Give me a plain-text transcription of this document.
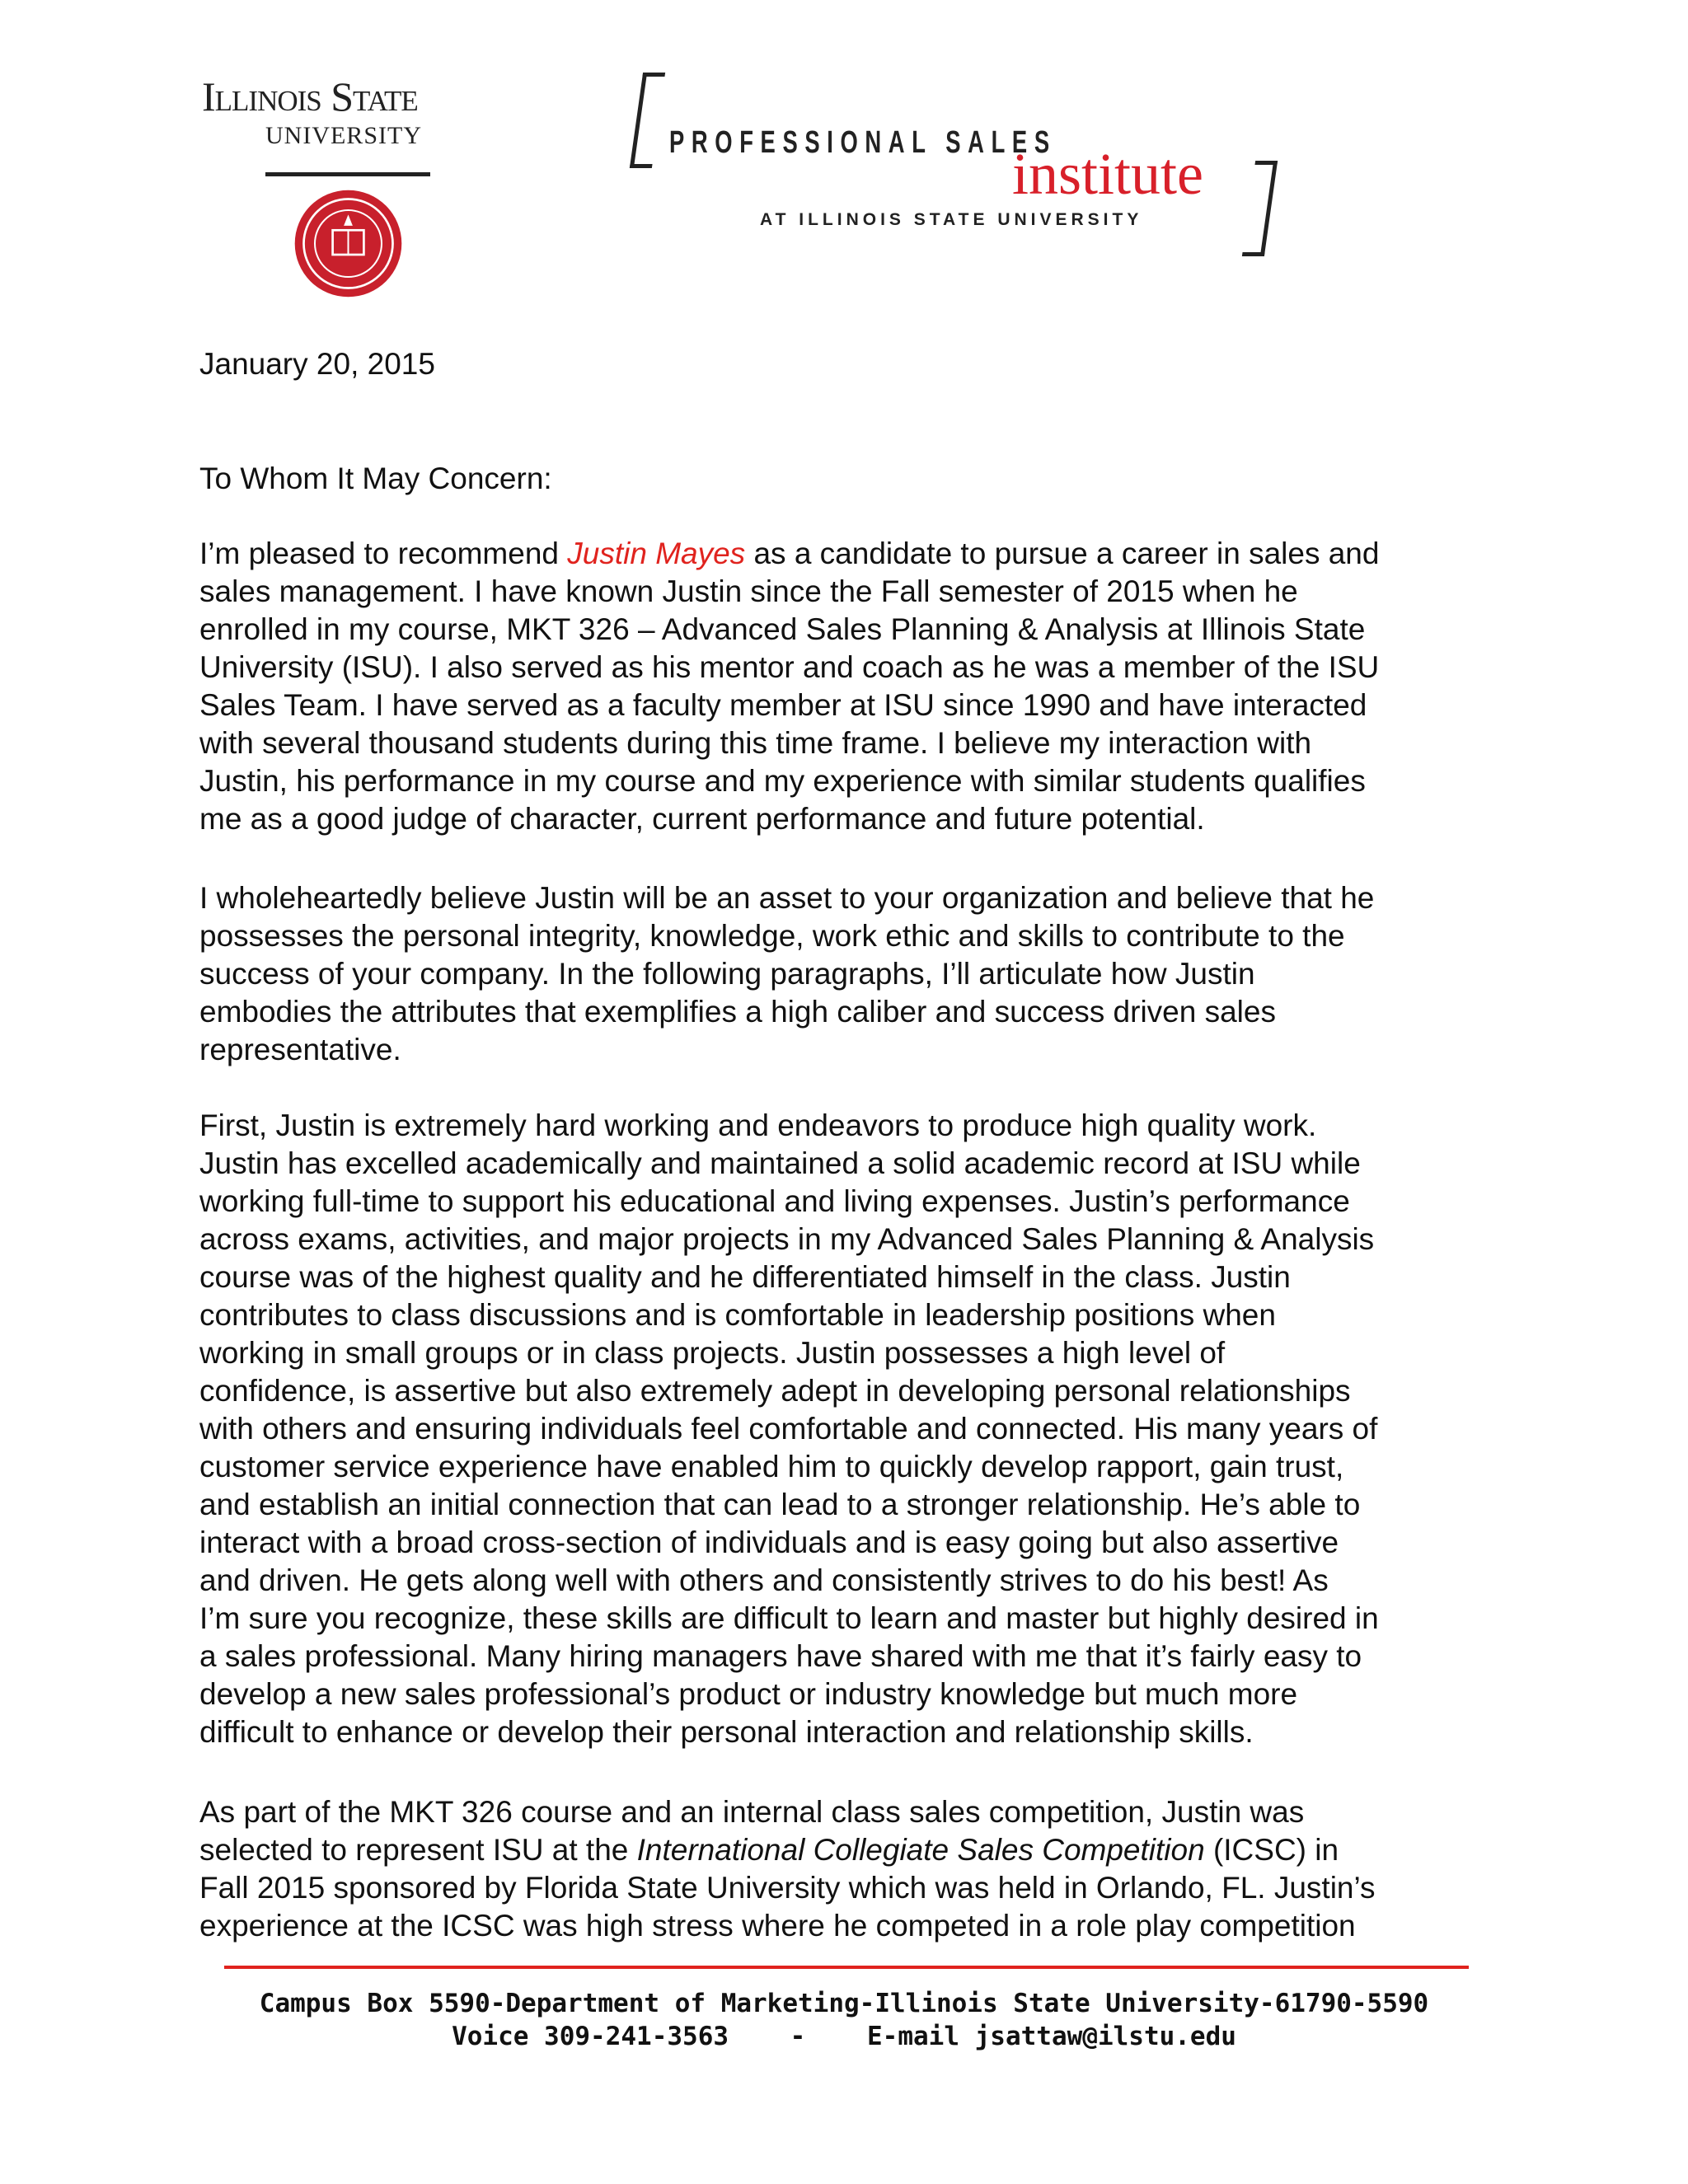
Illinois State
UNIVERSITY	PROFESSIONAL SALES
institute
AT ILLINOIS STATE UNIVERSITY
January 20, 2015
To Whom It May Concern:
I’m pleased to recommend Justin Mayes as a candidate to pursue a career in sales and
sales management. I have known Justin since the Fall semester of 2015 when he
enrolled in my course, MKT 326 – Advanced Sales Planning & Analysis at Illinois State
University (ISU). I also served as his mentor and coach as he was a member of the ISU
Sales Team. I have served as a faculty member at ISU since 1990 and have interacted
with several thousand students during this time frame. I believe my interaction with
Justin, his performance in my course and my experience with similar students qualifies
me as a good judge of character, current performance and future potential.
I wholeheartedly believe Justin will be an asset to your organization and believe that he
possesses the personal integrity, knowledge, work ethic and skills to contribute to the
success of your company. In the following paragraphs, I’ll articulate how Justin
embodies the attributes that exemplifies a high caliber and success driven sales
representative.
First, Justin is extremely hard working and endeavors to produce high quality work.
Justin has excelled academically and maintained a solid academic record at ISU while
working full-time to support his educational and living expenses. Justin’s performance
across exams, activities, and major projects in my Advanced Sales Planning & Analysis
course was of the highest quality and he differentiated himself in the class. Justin
contributes to class discussions and is comfortable in leadership positions when
working in small groups or in class projects. Justin possesses a high level of
confidence, is assertive but also extremely adept in developing personal relationships
with others and ensuring individuals feel comfortable and connected. His many years of
customer service experience have enabled him to quickly develop rapport, gain trust,
and establish an initial connection that can lead to a stronger relationship. He’s able to
interact with a broad cross-section of individuals and is easy going but also assertive
and driven. He gets along well with others and consistently strives to do his best! As
I’m sure you recognize, these skills are difficult to learn and master but highly desired in
a sales professional. Many hiring managers have shared with me that it’s fairly easy to
develop a new sales professional’s product or industry knowledge but much more
difficult to enhance or develop their personal interaction and relationship skills.
As part of the MKT 326 course and an internal class sales competition, Justin was
selected to represent ISU at the International Collegiate Sales Competition (ICSC) in
Fall 2015 sponsored by Florida State University which was held in Orlando, FL. Justin’s
experience at the ICSC was high stress where he competed in a role play competition
Campus Box 5590-Department of Marketing-Illinois State University-61790-5590
Voice 309-241-3563    -    E-mail jsattaw@ilstu.edu
